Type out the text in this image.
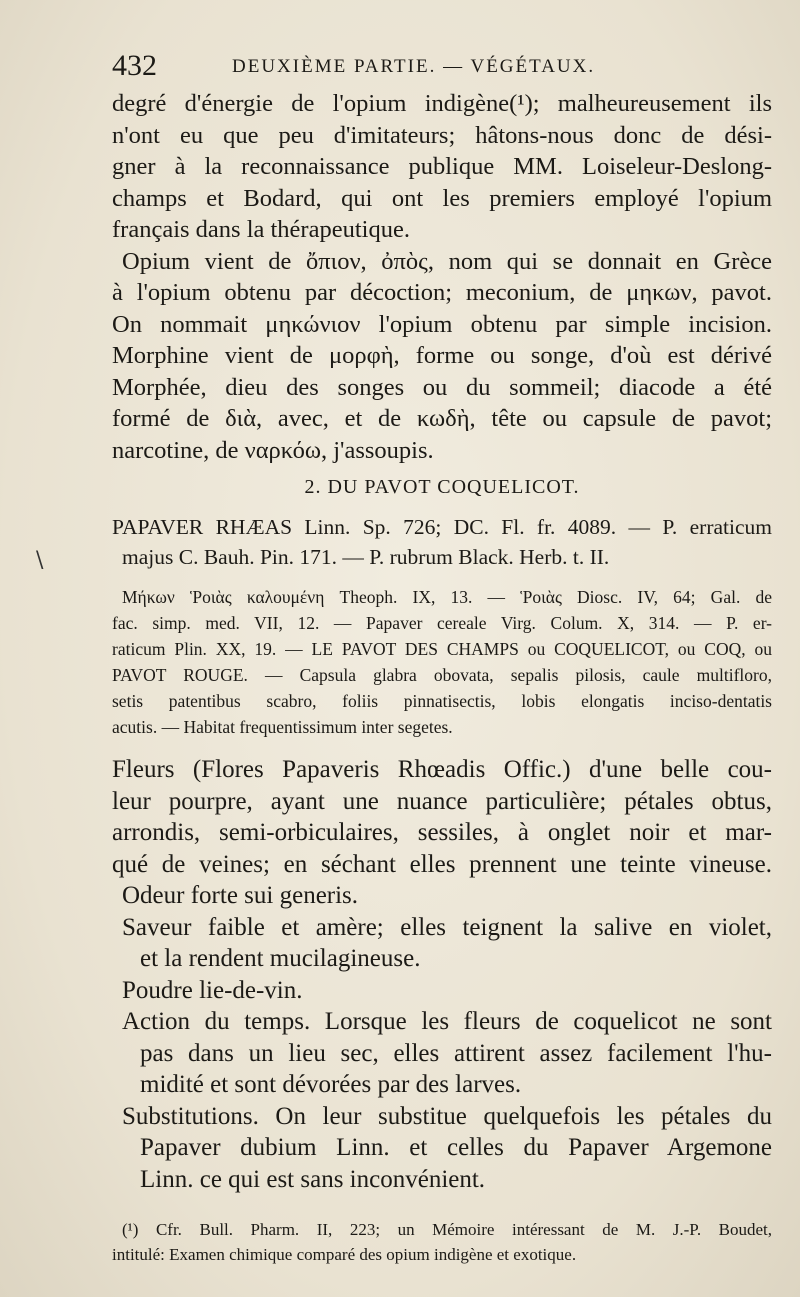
432	DEUXIÈME PARTIE. — VÉGÉTAUX.
\
degré d'énergie de l'opium indigène(¹); malheureusement ils
n'ont eu que peu d'imitateurs; hâtons-nous donc de dési-
gner à la reconnaissance publique MM. Loiseleur-Deslong-
champs et Bodard, qui ont les premiers employé l'opium
français dans la thérapeutique.
Opium vient de ὄπιον, ὀπὸς, nom qui se donnait en Grèce
à l'opium obtenu par décoction; meconium, de μηκων, pavot.
On nommait μηκώνιον l'opium obtenu par simple incision.
Morphine vient de μορφὴ, forme ou songe, d'où est dérivé
Morphée, dieu des songes ou du sommeil; diacode a été
formé de διὰ, avec, et de κωδὴ, tête ou capsule de pavot;
narcotine, de ναρκόω, j'assoupis.
2. DU PAVOT COQUELICOT.
PAPAVER RHÆAS Linn. Sp. 726; DC. Fl. fr. 4089. — P. erraticum
majus C. Bauh. Pin. 171. — P. rubrum Black. Herb. t. II.
Μήκων Ῥοιὰς καλουμένη Theoph. IX, 13. — Ῥοιὰς Diosc. IV, 64; Gal. de
fac. simp. med. VII, 12. — Papaver cereale Virg. Colum. X, 314. — P. er-
raticum Plin. XX, 19. — LE PAVOT DES CHAMPS ou COQUELICOT, ou COQ, ou
PAVOT ROUGE. — Capsula glabra obovata, sepalis pilosis, caule multifloro,
setis patentibus scabro, foliis pinnatisectis, lobis elongatis inciso-dentatis
acutis. — Habitat frequentissimum inter segetes.
Fleurs (Flores Papaveris Rhœadis Offic.) d'une belle cou-
leur pourpre, ayant une nuance particulière; pétales obtus,
arrondis, semi-orbiculaires, sessiles, à onglet noir et mar-
qué de veines; en séchant elles prennent une teinte vineuse.
Odeur forte sui generis.
Saveur faible et amère; elles teignent la salive en violet,
et la rendent mucilagineuse.
Poudre lie-de-vin.
Action du temps. Lorsque les fleurs de coquelicot ne sont
pas dans un lieu sec, elles attirent assez facilement l'hu-
midité et sont dévorées par des larves.
Substitutions. On leur substitue quelquefois les pétales du
Papaver dubium Linn. et celles du Papaver Argemone
Linn. ce qui est sans inconvénient.
(¹) Cfr. Bull. Pharm. II, 223; un Mémoire intéressant de M. J.-P. Boudet,
intitulé: Examen chimique comparé des opium indigène et exotique.
